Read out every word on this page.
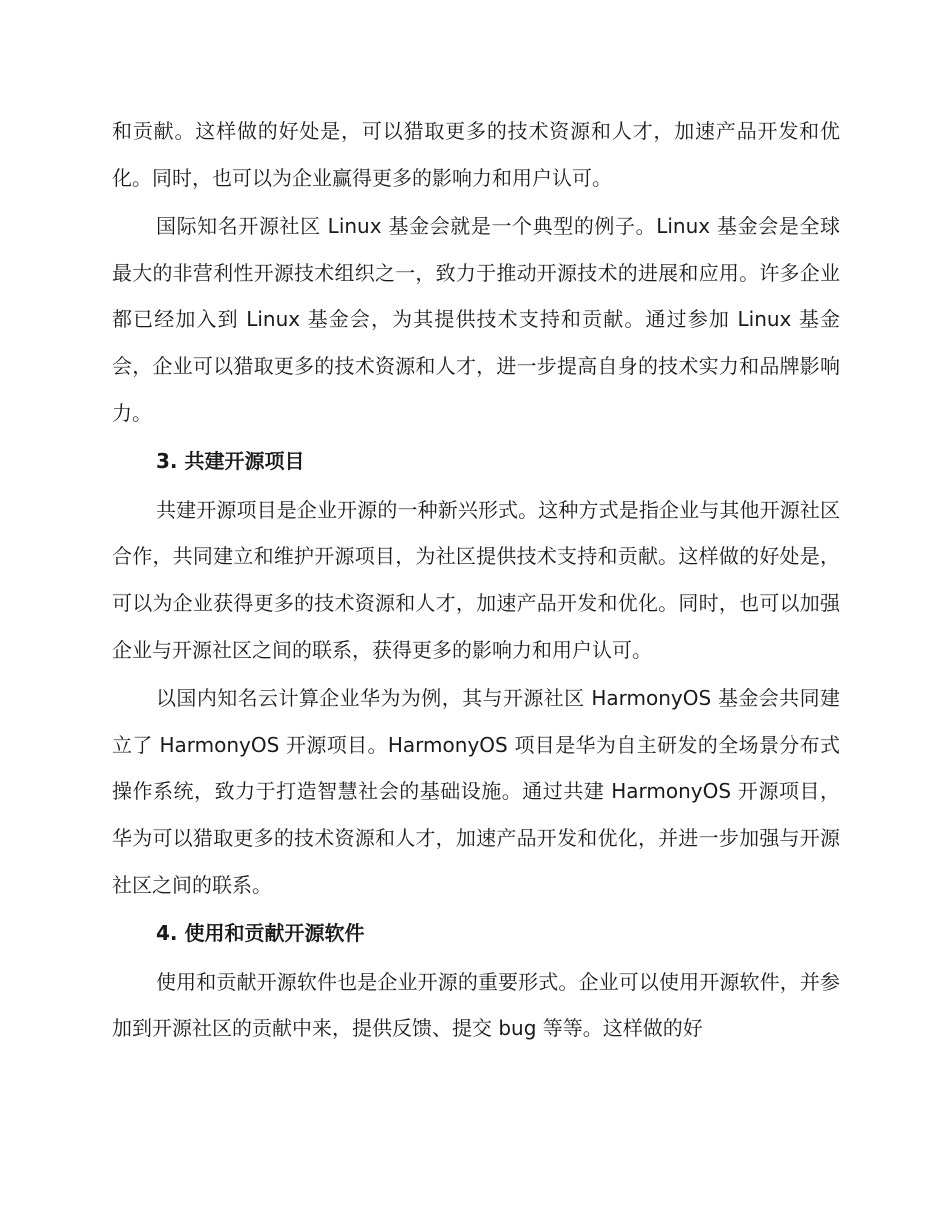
和贡献。这样做的好处是，可以猎取更多的技术资源和人才，加速产品开发和优化。同时，也可以为企业赢得更多的影响力和用户认可。

国际知名开源社区 Linux 基金会就是一个典型的例子。Linux 基金会是全球最大的非营利性开源技术组织之一，致力于推动开源技术的进展和应用。许多企业都已经加入到 Linux 基金会，为其提供技术支持和贡献。通过参加 Linux 基金会，企业可以猎取更多的技术资源和人才，进一步提高自身的技术实力和品牌影响力。

3. 共建开源项目

共建开源项目是企业开源的一种新兴形式。这种方式是指企业与其他开源社区合作，共同建立和维护开源项目，为社区提供技术支持和贡献。这样做的好处是，可以为企业获得更多的技术资源和人才，加速产品开发和优化。同时，也可以加强企业与开源社区之间的联系，获得更多的影响力和用户认可。

以国内知名云计算企业华为为例，其与开源社区 HarmonyOS 基金会共同建立了 HarmonyOS 开源项目。HarmonyOS 项目是华为自主研发的全场景分布式操作系统，致力于打造智慧社会的基础设施。通过共建 HarmonyOS 开源项目，华为可以猎取更多的技术资源和人才，加速产品开发和优化，并进一步加强与开源社区之间的联系。

4. 使用和贡献开源软件

使用和贡献开源软件也是企业开源的重要形式。企业可以使用开源软件，并参加到开源社区的贡献中来，提供反馈、提交 bug 等等。这样做的好
